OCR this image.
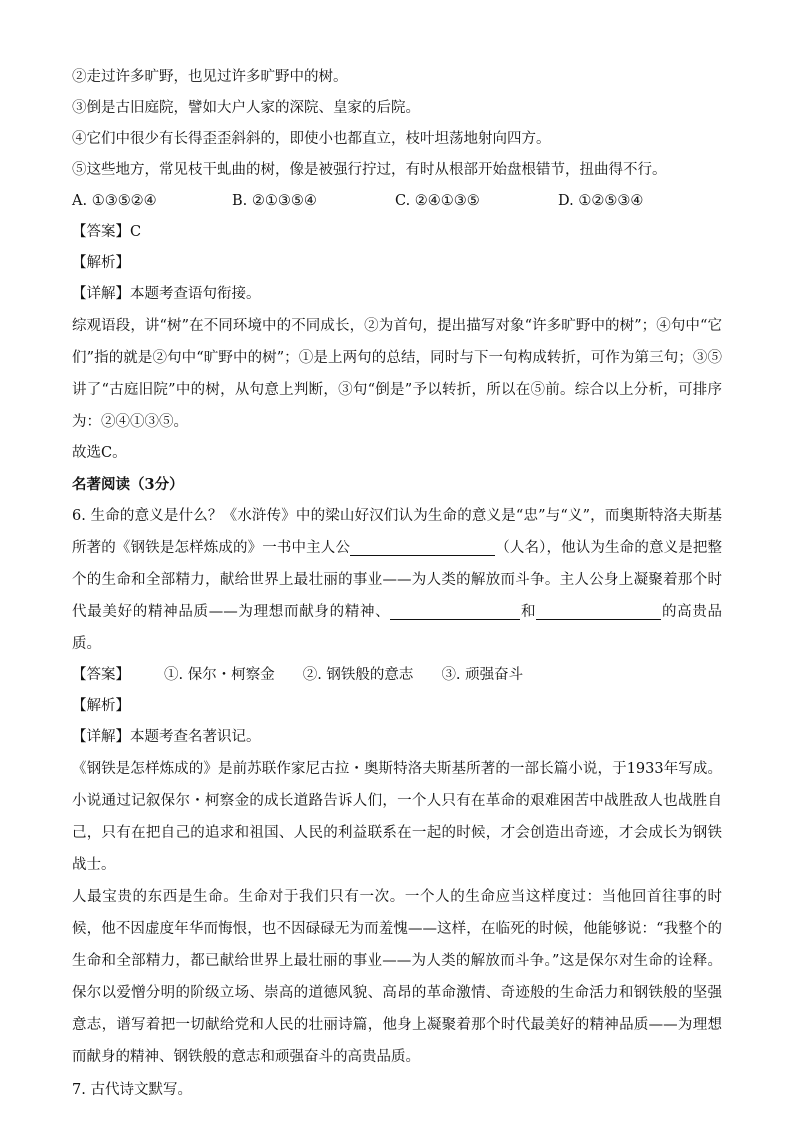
②走过许多旷野，也见过许多旷野中的树。
③倒是古旧庭院，譬如大户人家的深院、皇家的后院。
④它们中很少有长得歪歪斜斜的，即使小也都直立，枝叶坦荡地射向四方。
⑤这些地方，常见枝干虬曲的树，像是被强行拧过，有时从根部开始盘根错节，扭曲得不行。
A. ①③⑤②④	B. ②①③⑤④	C. ②④①③⑤	D. ①②⑤③④
【答案】C
【解析】
【详解】本题考查语句衔接。
综观语段，讲“树”在不同环境中的不同成长，②为首句，提出描写对象“许多旷野中的树”；④句中“它们”指的就是②句中“旷野中的树”；①是上两句的总结，同时与下一句构成转折，可作为第三句；③⑤讲了“古庭旧院”中的树，从句意上判断，③句“倒是”予以转折，所以在⑤前。综合以上分析，可排序为：②④①③⑤。
故选C。
名著阅读（3分）
6. 生命的意义是什么？《水浒传》中的梁山好汉们认为生命的意义是“忠”与“义”，而奥斯特洛夫斯基所著的《钢铁是怎样炼成的》一书中主人公	（人名），他认为生命的意义是把整个的生命和全部精力，献给世界上最壮丽的事业——为人类的解放而斗争。主人公身上凝聚着那个时代最美好的精神品质——为理想而献身的精神、	和	的高贵品质。
【答案】 ①. 保尔・柯察金 ②. 钢铁般的意志 ③. 顽强奋斗
【解析】
【详解】本题考查名著识记。
《钢铁是怎样炼成的》是前苏联作家尼古拉・奥斯特洛夫斯基所著的一部长篇小说，于1933年写成。小说通过记叙保尔・柯察金的成长道路告诉人们，一个人只有在革命的艰难困苦中战胜敌人也战胜自己，只有在把自己的追求和祖国、人民的利益联系在一起的时候，才会创造出奇迹，才会成长为钢铁战士。
人最宝贵的东西是生命。生命对于我们只有一次。一个人的生命应当这样度过：当他回首往事的时候，他不因虚度年华而悔恨，也不因碌碌无为而羞愧——这样，在临死的时候，他能够说：“我整个的生命和全部精力，都已献给世界上最壮丽的事业——为人类的解放而斗争。”这是保尔对生命的诠释。保尔以爱憎分明的阶级立场、崇高的道德风貌、高昂的革命激情、奇迹般的生命活力和钢铁般的坚强意志，谱写着把一切献给党和人民的壮丽诗篇，他身上凝聚着那个时代最美好的精神品质——为理想而献身的精神、钢铁般的意志和顽强奋斗的高贵品质。
7. 古代诗文默写。
